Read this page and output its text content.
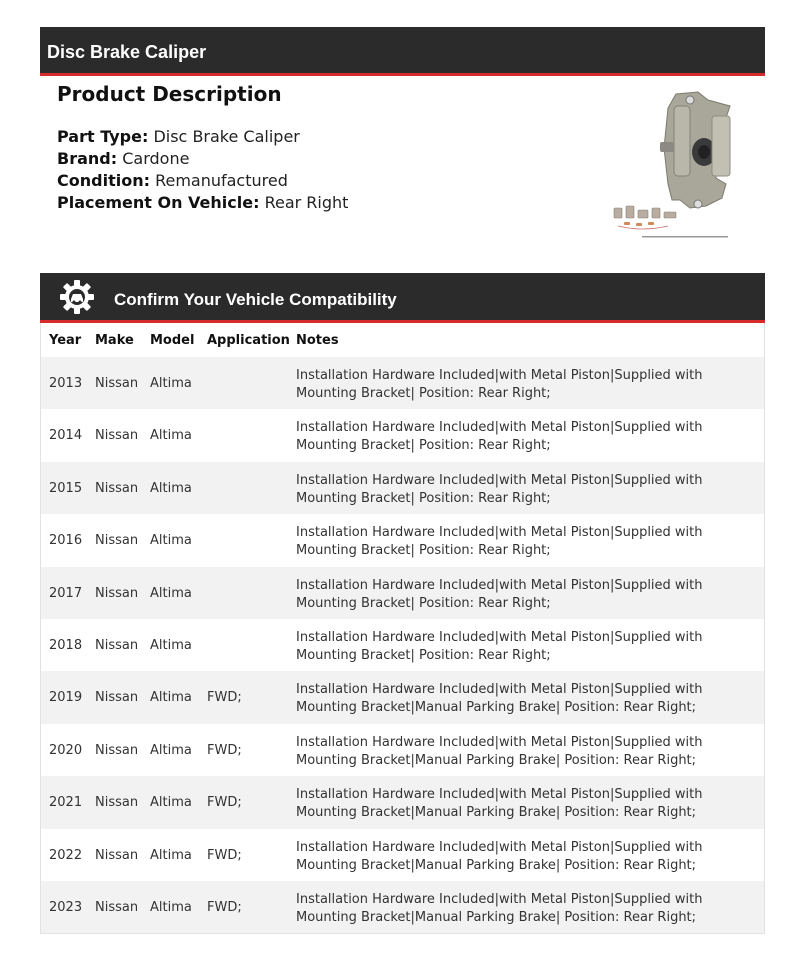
Disc Brake Caliper
Product Description
Part Type: Disc Brake Caliper
Brand: Cardone
Condition: Remanufactured
Placement On Vehicle: Rear Right
Confirm Your Vehicle Compatibility
Year Make Model Application Notes
2013 Nissan Altima
Installation Hardware Included|with Metal Piston|Supplied with Mounting Bracket| Position: Rear Right;
2014 Nissan Altima
Installation Hardware Included|with Metal Piston|Supplied with Mounting Bracket| Position: Rear Right;
2015 Nissan Altima
Installation Hardware Included|with Metal Piston|Supplied with Mounting Bracket| Position: Rear Right;
2016 Nissan Altima
Installation Hardware Included|with Metal Piston|Supplied with Mounting Bracket| Position: Rear Right;
2017 Nissan Altima
Installation Hardware Included|with Metal Piston|Supplied with Mounting Bracket| Position: Rear Right;
2018 Nissan Altima
Installation Hardware Included|with Metal Piston|Supplied with Mounting Bracket| Position: Rear Right;
2019 Nissan Altima FWD;
Installation Hardware Included|with Metal Piston|Supplied with Mounting Bracket|Manual Parking Brake| Position: Rear Right;
2020 Nissan Altima FWD;
Installation Hardware Included|with Metal Piston|Supplied with Mounting Bracket|Manual Parking Brake| Position: Rear Right;
2021 Nissan Altima FWD;
Installation Hardware Included|with Metal Piston|Supplied with Mounting Bracket|Manual Parking Brake| Position: Rear Right;
2022 Nissan Altima FWD;
Installation Hardware Included|with Metal Piston|Supplied with Mounting Bracket|Manual Parking Brake| Position: Rear Right;
2023 Nissan Altima FWD;
Installation Hardware Included|with Metal Piston|Supplied with Mounting Bracket|Manual Parking Brake| Position: Rear Right;
